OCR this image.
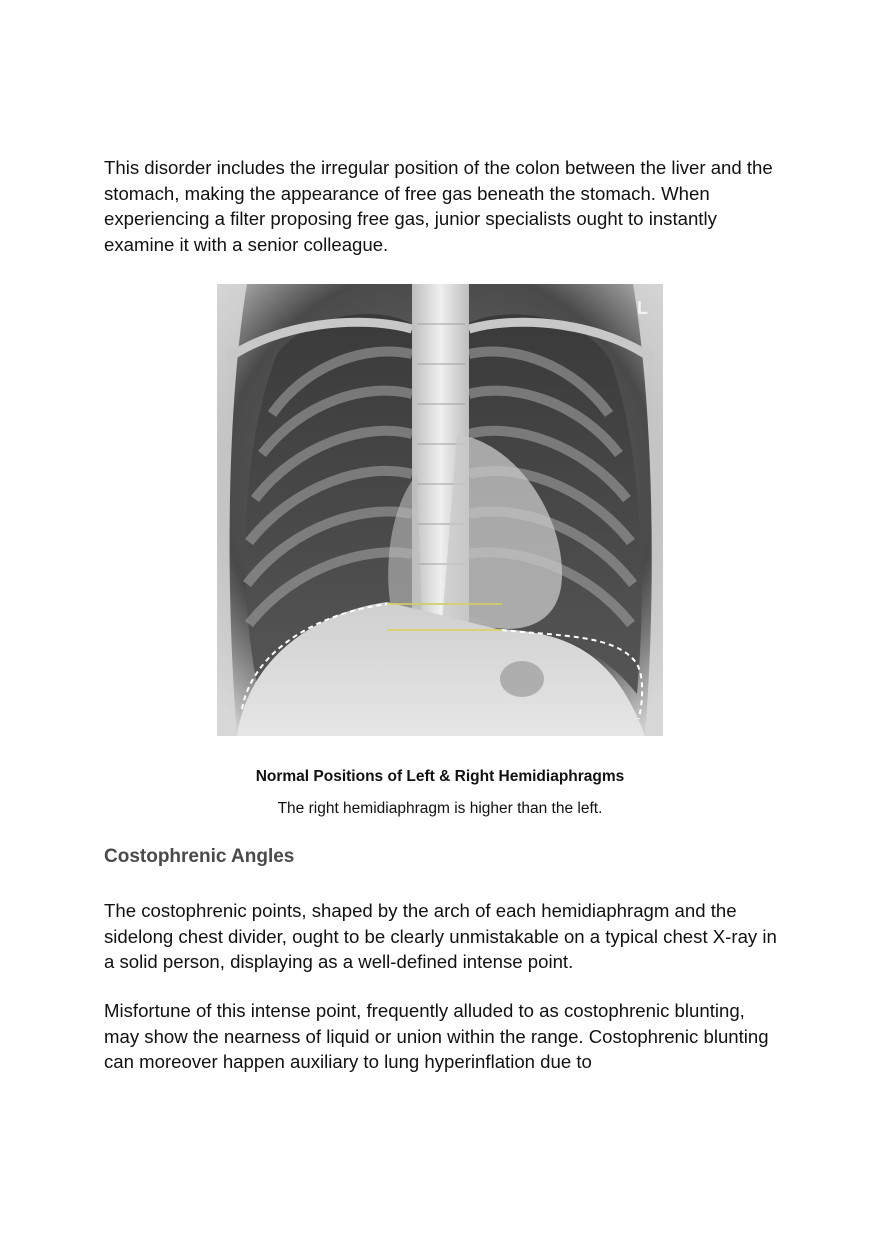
This disorder includes the irregular position of the colon between the liver and the stomach, making the appearance of free gas beneath the stomach. When experiencing a filter proposing free gas, junior specialists ought to instantly examine it with a senior colleague.

L

Normal Positions of Left & Right Hemidiaphragms

The right hemidiaphragm is higher than the left.

Costophrenic Angles

The costophrenic points, shaped by the arch of each hemidiaphragm and the sidelong chest divider, ought to be clearly unmistakable on a typical chest X-ray in a solid person, displaying as a well-defined intense point.

Misfortune of this intense point, frequently alluded to as costophrenic blunting, may show the nearness of liquid or union within the range. Costophrenic blunting can moreover happen auxiliary to lung hyperinflation due to
